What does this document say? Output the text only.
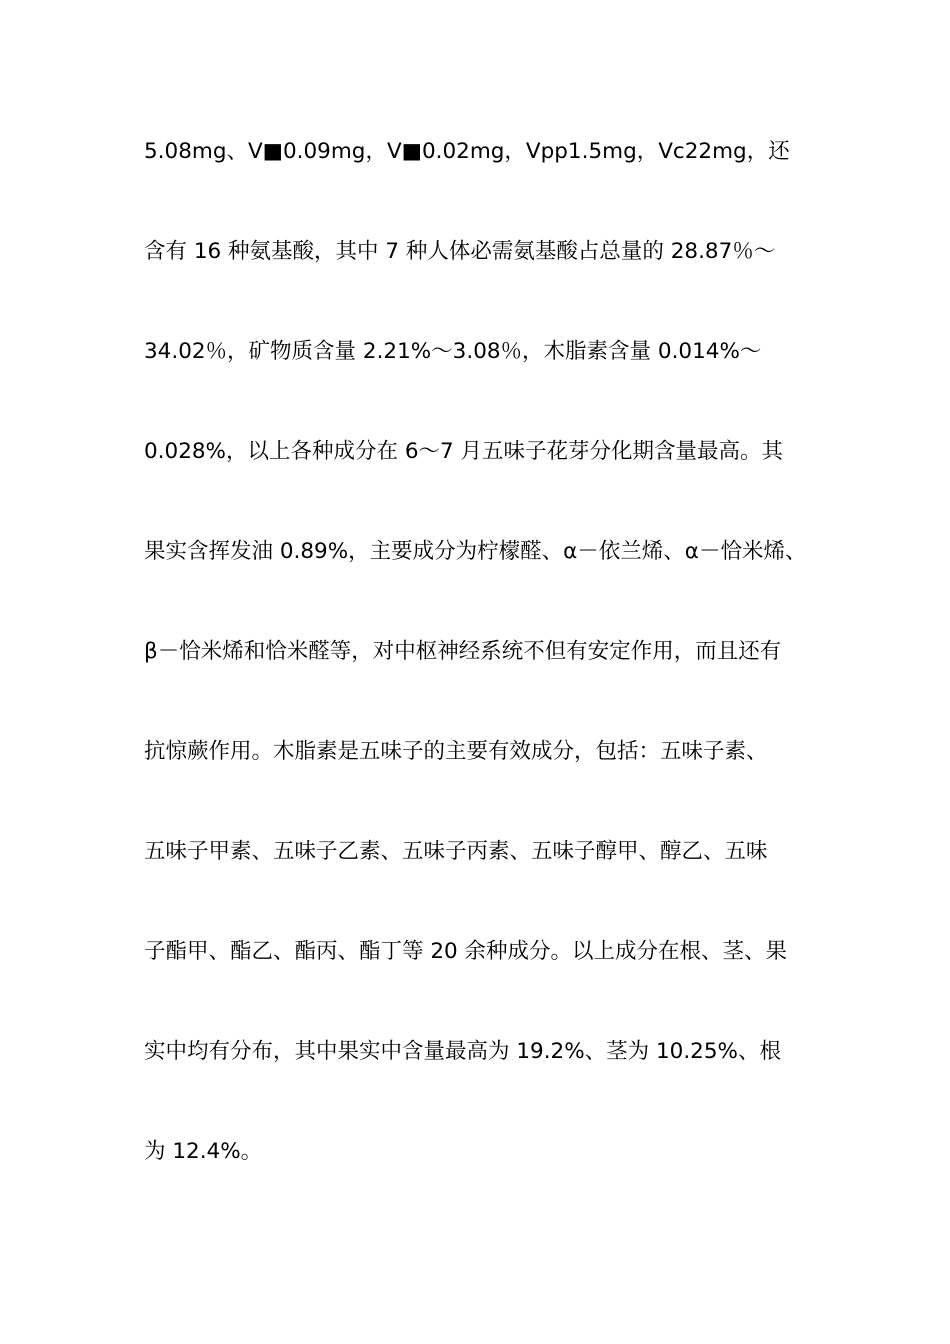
5.08mg、V■0.09mg，V■0.02mg，Vpp1.5mg，Vc22mg，还
含有 16 种氨基酸，其中 7 种人体必需氨基酸占总量的 28.87％～
34.02％，矿物质含量 2.21%～3.08％，木脂素含量 0.014%～
0.028%，以上各种成分在 6～7 月五味子花芽分化期含量最高。其
果实含挥发油 0.89%，主要成分为柠檬醛、α－依兰烯、α－恰米烯、
β－恰米烯和恰米醛等，对中枢神经系统不但有安定作用，而且还有
抗惊蕨作用。木脂素是五味子的主要有效成分，包括：五味子素、
五味子甲素、五味子乙素、五味子丙素、五味子醇甲、醇乙、五味
子酯甲、酯乙、酯丙、酯丁等 20 余种成分。以上成分在根、茎、果
实中均有分布，其中果实中含量最高为 19.2%、茎为 10.25%、根
为 12.4%。
